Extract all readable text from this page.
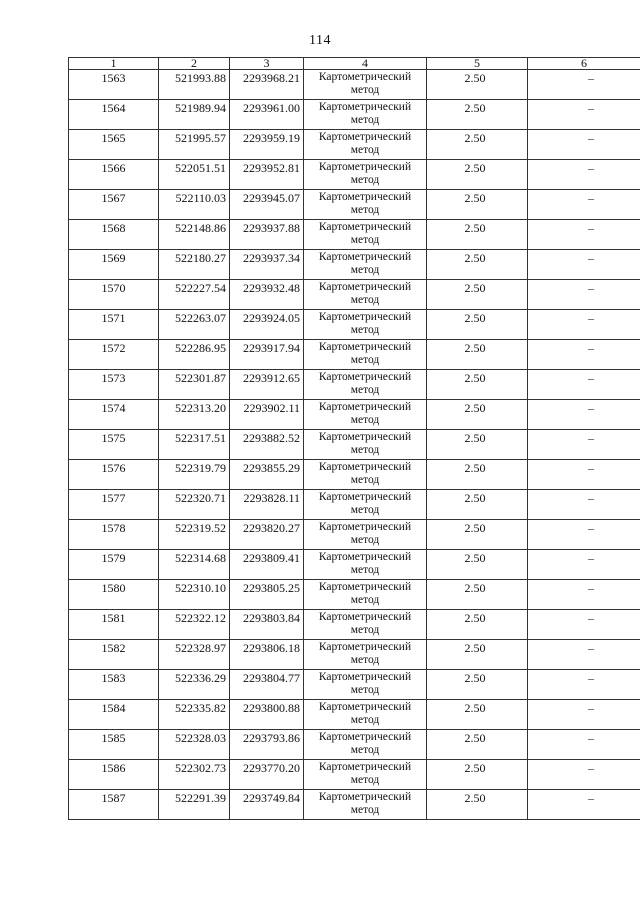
114
1	2	3	4	5	6
1563	521993.88	2293968.21	Картометрический метод	2.50	–
1564	521989.94	2293961.00	Картометрический метод	2.50	–
1565	521995.57	2293959.19	Картометрический метод	2.50	–
1566	522051.51	2293952.81	Картометрический метод	2.50	–
1567	522110.03	2293945.07	Картометрический метод	2.50	–
1568	522148.86	2293937.88	Картометрический метод	2.50	–
1569	522180.27	2293937.34	Картометрический метод	2.50	–
1570	522227.54	2293932.48	Картометрический метод	2.50	–
1571	522263.07	2293924.05	Картометрический метод	2.50	–
1572	522286.95	2293917.94	Картометрический метод	2.50	–
1573	522301.87	2293912.65	Картометрический метод	2.50	–
1574	522313.20	2293902.11	Картометрический метод	2.50	–
1575	522317.51	2293882.52	Картометрический метод	2.50	–
1576	522319.79	2293855.29	Картометрический метод	2.50	–
1577	522320.71	2293828.11	Картометрический метод	2.50	–
1578	522319.52	2293820.27	Картометрический метод	2.50	–
1579	522314.68	2293809.41	Картометрический метод	2.50	–
1580	522310.10	2293805.25	Картометрический метод	2.50	–
1581	522322.12	2293803.84	Картометрический метод	2.50	–
1582	522328.97	2293806.18	Картометрический метод	2.50	–
1583	522336.29	2293804.77	Картометрический метод	2.50	–
1584	522335.82	2293800.88	Картометрический метод	2.50	–
1585	522328.03	2293793.86	Картометрический метод	2.50	–
1586	522302.73	2293770.20	Картометрический метод	2.50	–
1587	522291.39	2293749.84	Картометрический метод	2.50	–
